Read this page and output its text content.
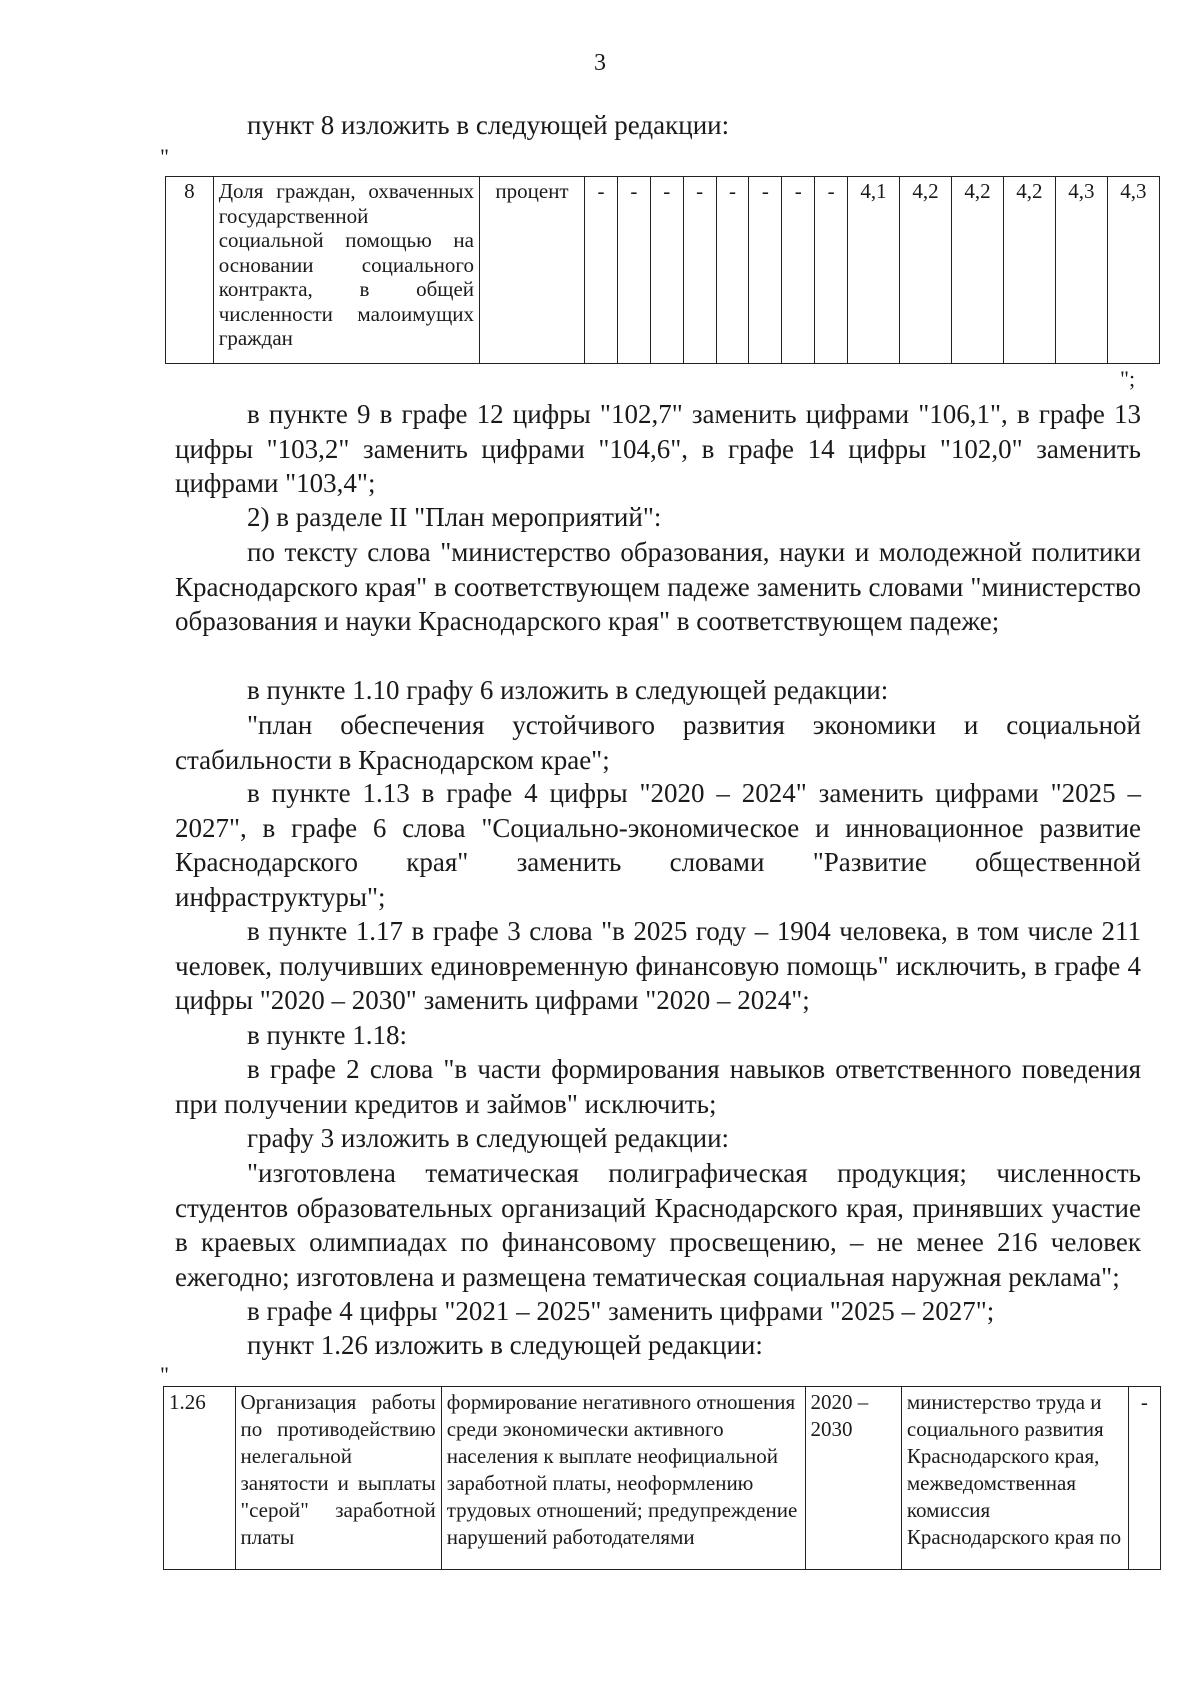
3
пункт 8 изложить в следующей редакции:
"
8	Доля граждан, охваченных государственной социальной помощью на основании социального контракта, в общей численности малоимущих граждан	процент	-	-	-	-	-	-	-	-	4,1	4,2	4,2	4,2	4,3	4,3
";

в пункте 9 в графе 12 цифры "102,7" заменить цифрами "106,1", в графе 13 цифры "103,2" заменить цифрами "104,6", в графе 14 цифры "102,0" заменить цифрами "103,4";

2) в разделе II "План мероприятий":

по тексту слова "министерство образования, науки и молодежной политики Краснодарского края" в соответствующем падеже заменить словами "министерство образования и науки Краснодарского края" в соответствующем падеже;

в пункте 1.10 графу 6 изложить в следующей редакции:

"план обеспечения устойчивого развития экономики и социальной стабильности в Краснодарском крае";

в пункте 1.13 в графе 4 цифры "2020 – 2024" заменить цифрами "2025 – 2027", в графе 6 слова "Социально-экономическое и инновационное развитие Краснодарского края" заменить словами "Развитие общественной инфраструктуры";

в пункте 1.17 в графе 3 слова "в 2025 году – 1904 человека, в том числе 211 человек, получивших единовременную финансовую помощь" исключить, в графе 4 цифры "2020 – 2030" заменить цифрами "2020 – 2024";

в пункте 1.18:

в графе 2 слова "в части формирования навыков ответственного поведения при получении кредитов и займов" исключить;

графу 3 изложить в следующей редакции:

"изготовлена тематическая полиграфическая продукция; численность студентов образовательных организаций Краснодарского края, принявших участие в краевых олимпиадах по финансовому просвещению, – не менее 216 человек ежегодно; изготовлена и размещена тематическая социальная наружная реклама";

в графе 4 цифры "2021 – 2025" заменить цифрами "2025 – 2027";

пункт 1.26 изложить в следующей редакции:

"
1.26	Организация работы по противодействию нелегальной занятости и выплаты "серой" заработной платы	формирование негативного отношения среди экономически активного населения к выплате неофициальной заработной платы, неоформлению трудовых отношений; предупреждение нарушений работодателями	2020 – 2030	министерство труда и социального развития Краснодарского края, межведомственная комиссия Краснодарского края по	-
